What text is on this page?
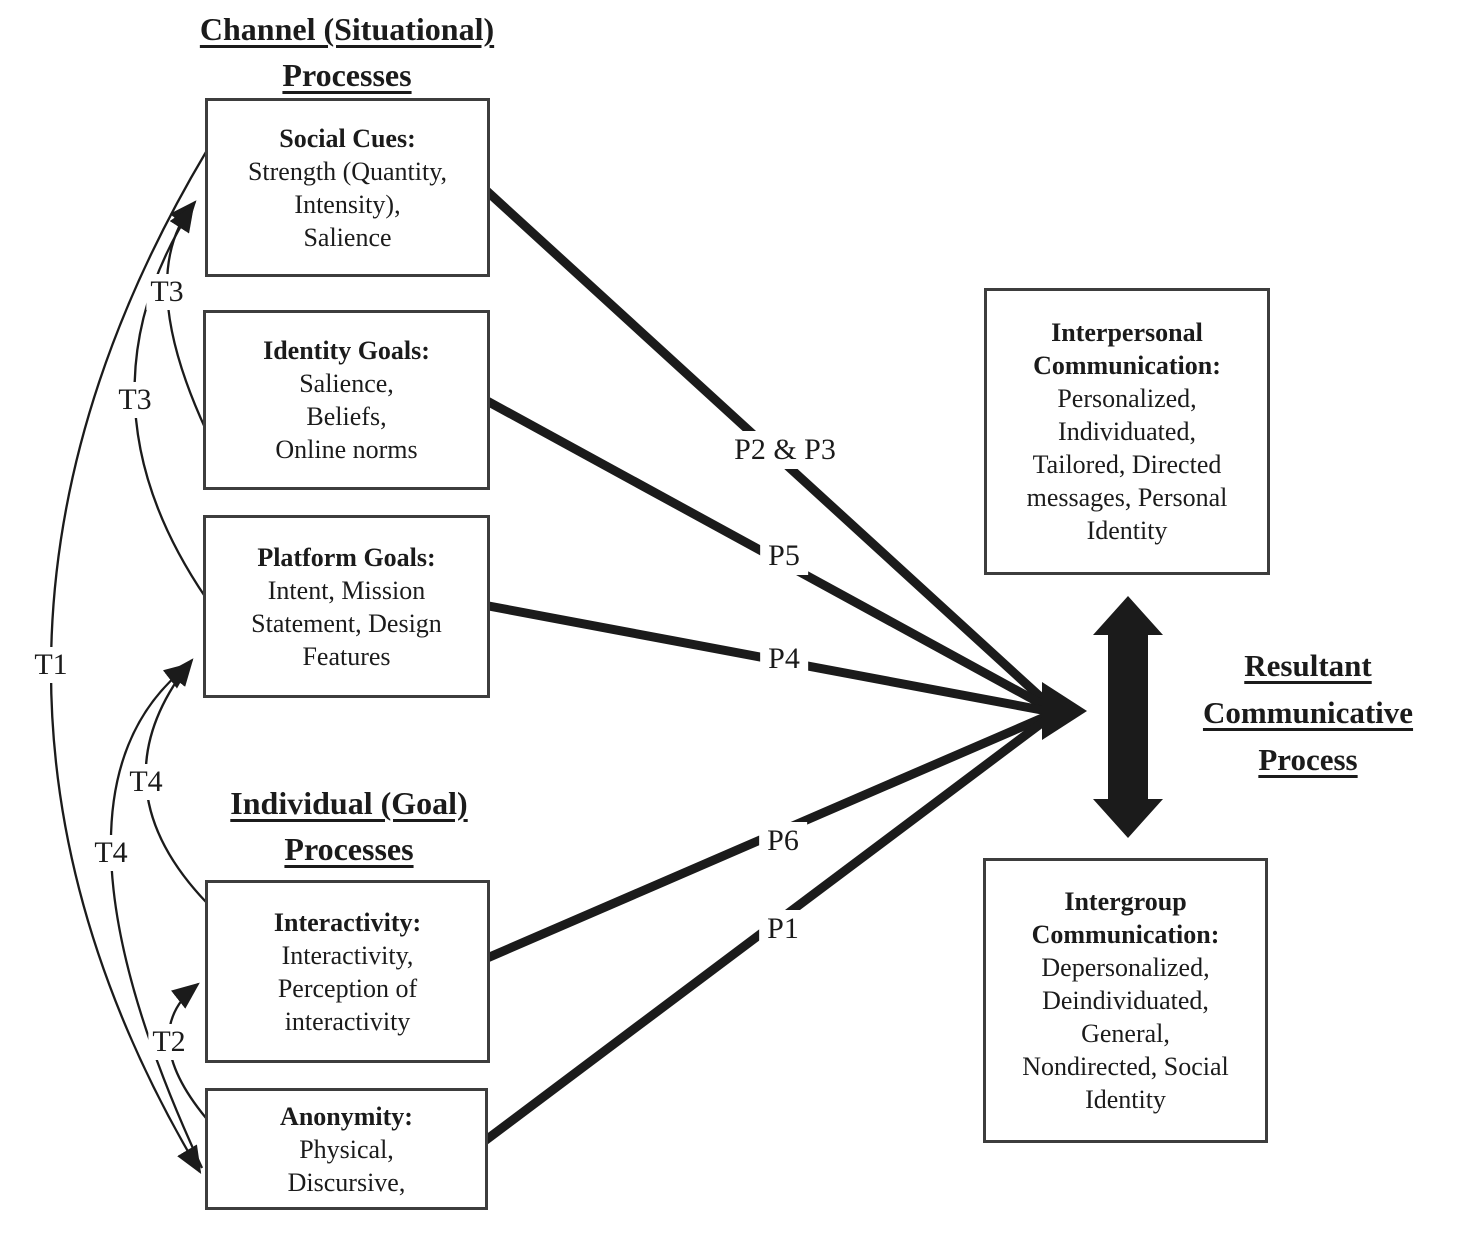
Channel (Situational)
Processes
Individual (Goal)
Processes
Resultant
Communicative
Process
Social Cues:
Strength (Quantity,
Intensity),
Salience
Identity Goals:
Salience,
Beliefs,
Online norms
Platform Goals:
Intent, Mission
Statement, Design
Features
Interactivity:
Interactivity,
Perception of
interactivity
Anonymity:
Physical,
Discursive,
Interpersonal
Communication:
Personalized,
Individuated,
Tailored, Directed
messages, Personal
Identity
Intergroup
Communication:
Depersonalized,
Deindividuated,
General,
Nondirected, Social
Identity
P2 & P3
P5
P4
P6
P1
T3
T3
T1
T4
T4
T2
